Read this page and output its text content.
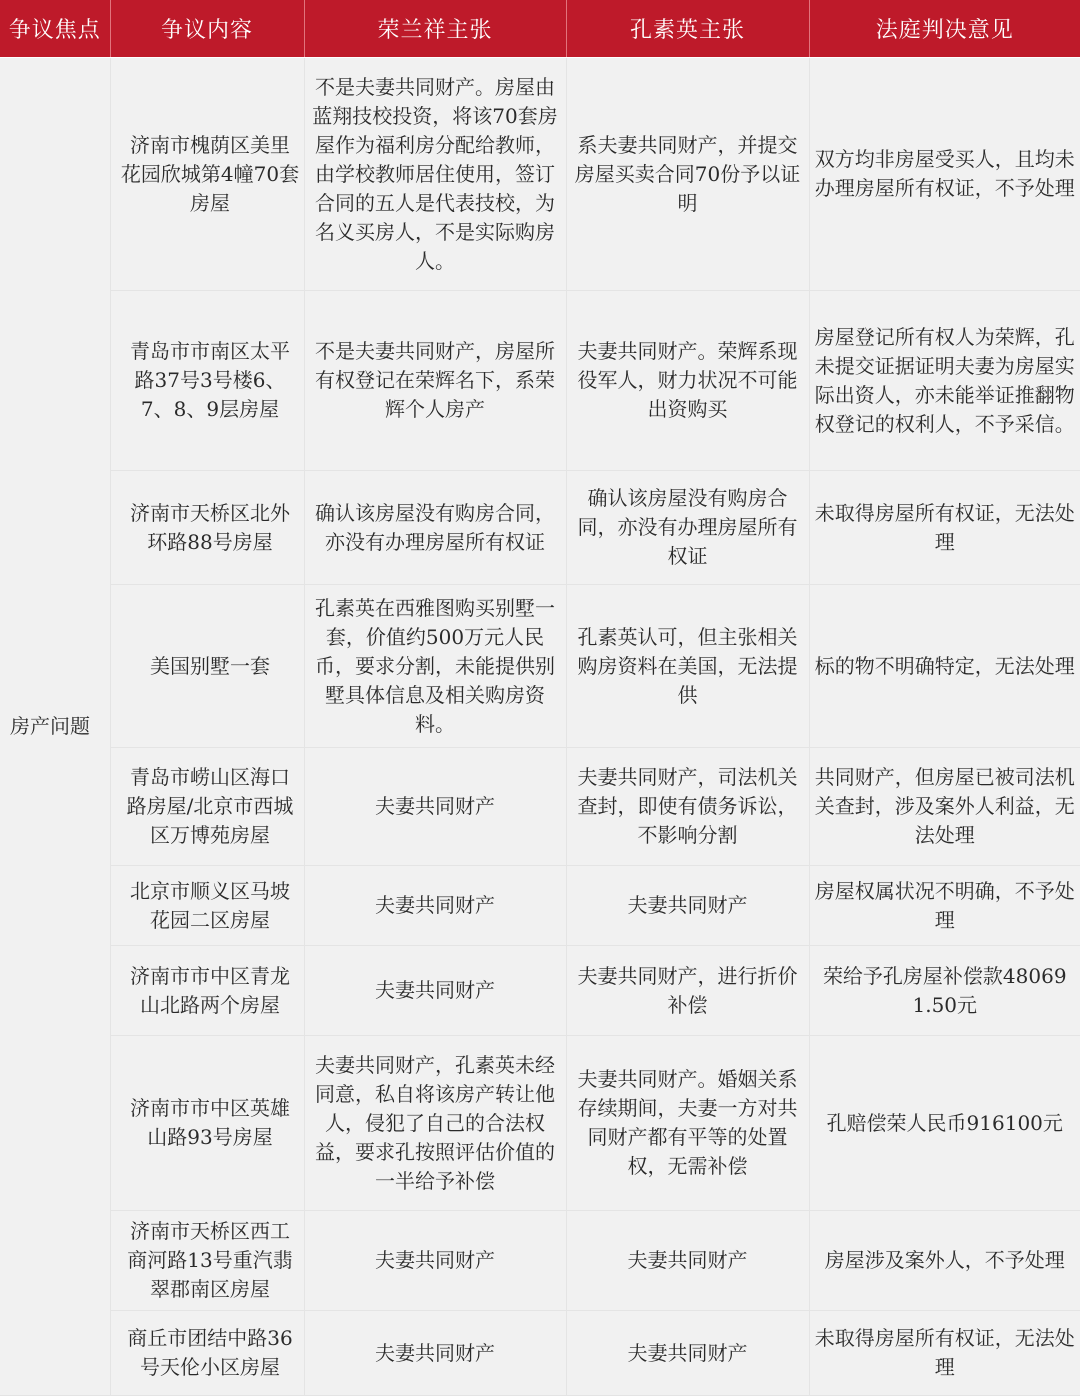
争议焦点	争议内容	荣兰祥主张	孔素英主张	法庭判决意见
房产问题	济南市槐荫区美里花园欣城第4幢70套房屋	不是夫妻共同财产。房屋由蓝翔技校投资，将该70套房屋作为福利房分配给教师，由学校教师居住使用，签订合同的五人是代表技校，为名义买房人，不是实际购房人。	系夫妻共同财产，并提交房屋买卖合同70份予以证明	双方均非房屋受买人，且均未办理房屋所有权证，不予处理
	青岛市市南区太平路37号3号楼6、7、8、9层房屋	不是夫妻共同财产，房屋所有权登记在荣辉名下，系荣辉个人房产	夫妻共同财产。荣辉系现役军人，财力状况不可能出资购买	房屋登记所有权人为荣辉，孔未提交证据证明夫妻为房屋实际出资人，亦未能举证推翻物权登记的权利人，不予采信。
	济南市天桥区北外环路88号房屋	确认该房屋没有购房合同，亦没有办理房屋所有权证	确认该房屋没有购房合同，亦没有办理房屋所有权证	未取得房屋所有权证，无法处理
	美国别墅一套	孔素英在西雅图购买别墅一套，价值约500万元人民币，要求分割，未能提供别墅具体信息及相关购房资料。	孔素英认可，但主张相关购房资料在美国，无法提供	标的物不明确特定，无法处理
	青岛市崂山区海口路房屋/北京市西城区万博苑房屋	夫妻共同财产	夫妻共同财产，司法机关查封，即使有债务诉讼，不影响分割	共同财产，但房屋已被司法机关查封，涉及案外人利益，无法处理
	北京市顺义区马坡花园二区房屋	夫妻共同财产	夫妻共同财产	房屋权属状况不明确，不予处理
	济南市市中区青龙山北路两个房屋	夫妻共同财产	夫妻共同财产，进行折价补偿	荣给予孔房屋补偿款480691.50元
	济南市市中区英雄山路93号房屋	夫妻共同财产，孔素英未经同意，私自将该房产转让他人，侵犯了自己的合法权益，要求孔按照评估价值的一半给予补偿	夫妻共同财产。婚姻关系存续期间，夫妻一方对共同财产都有平等的处置权，无需补偿	孔赔偿荣人民币916100元
	济南市天桥区西工商河路13号重汽翡翠郡南区房屋	夫妻共同财产	夫妻共同财产	房屋涉及案外人，不予处理
	商丘市团结中路36号天伦小区房屋	夫妻共同财产	夫妻共同财产	未取得房屋所有权证，无法处理
